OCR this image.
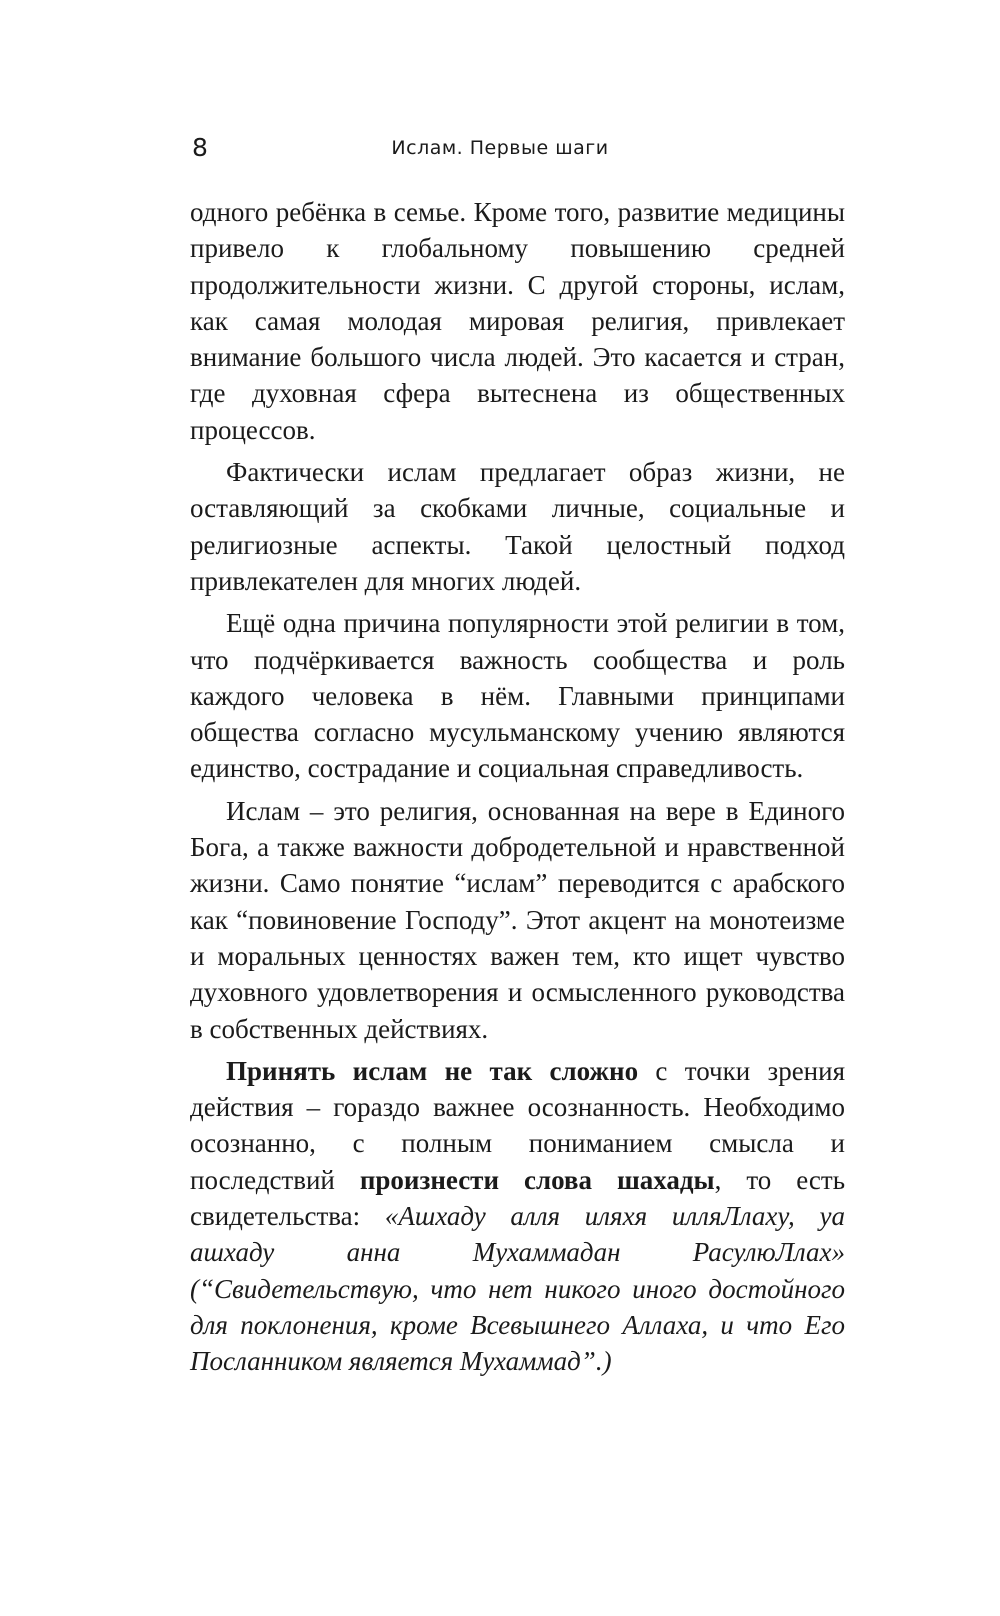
8	Ислам. Первые шаги

одного ребёнка в семье. Кроме того, развитие медицины привело к глобальному повышению средней продолжительности жизни. С другой стороны, ислам, как самая молодая мировая религия, привлекает внимание большого числа людей. Это касается и стран, где духовная сфера вытеснена из общественных процессов.

Фактически ислам предлагает образ жизни, не оставляющий за скобками личные, социальные и религиозные аспекты. Такой целостный подход привлекателен для многих людей.

Ещё одна причина популярности этой религии в том, что подчёркивается важность сообщества и роль каждого человека в нём. Главными принципами общества согласно мусульманскому учению являются единство, сострадание и социальная справедливость.

Ислам – это религия, основанная на вере в Единого Бога, а также важности добродетельной и нравственной жизни. Само понятие “ислам” переводится с арабского как “повиновение Господу”. Этот акцент на монотеизме и моральных ценностях важен тем, кто ищет чувство духовного удовлетворения и осмысленного руководства в собственных действиях.

Принять ислам не так сложно с точки зрения действия – гораздо важнее осознанность. Необходимо осознанно, с полным пониманием смысла и последствий произнести слова шахады, то есть свидетельства: «Ашхаду алля иляхя илляЛлаху, уа ашхаду анна Мухаммадан РасулюЛлах» (“Свидетельствую, что нет никого иного достойного для поклонения, кроме Всевышнего Аллаха, и что Его Посланником является Мухаммад”.)
